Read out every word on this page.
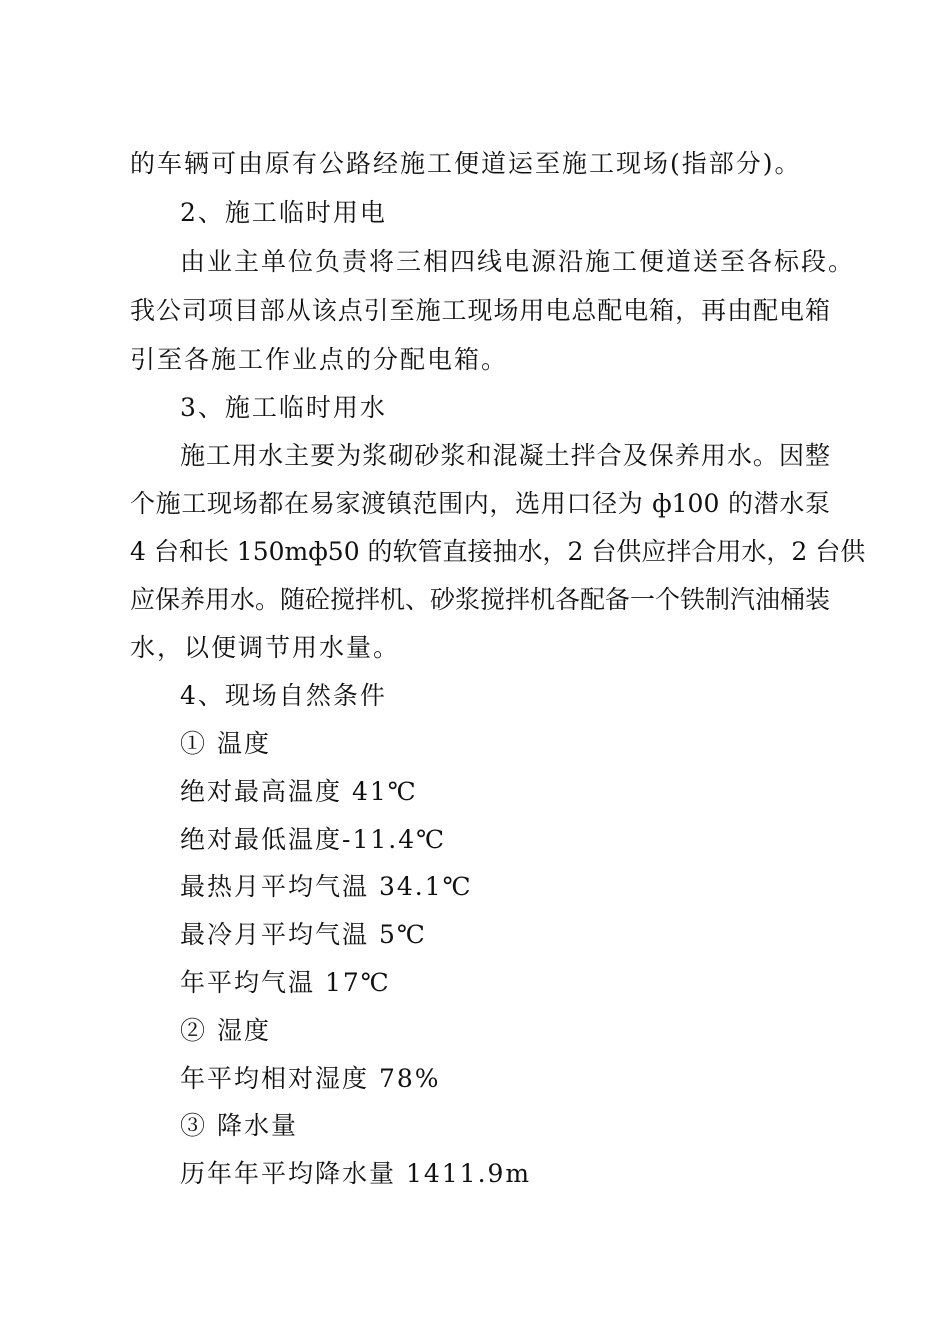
的车辆可由原有公路经施工便道运至施工现场(指部分)。
2、施工临时用电
由业主单位负责将三相四线电源沿施工便道送至各标段。
我公司项目部从该点引至施工现场用电总配电箱，再由配电箱
引至各施工作业点的分配电箱。
3、施工临时用水
施工用水主要为浆砌砂浆和混凝土拌合及保养用水。因整
个施工现场都在易家渡镇范围内，选用口径为 ф100 的潜水泵
4 台和长 150mф50 的软管直接抽水，2 台供应拌合用水，2 台供
应保养用水。随砼搅拌机、砂浆搅拌机各配备一个铁制汽油桶装
水，以便调节用水量。
4、现场自然条件
① 温度
绝对最高温度 41℃
绝对最低温度-11.4℃
最热月平均气温 34.1℃
最冷月平均气温 5℃
年平均气温 17℃
② 湿度
年平均相对湿度 78%
③ 降水量
历年年平均降水量 1411.9m
